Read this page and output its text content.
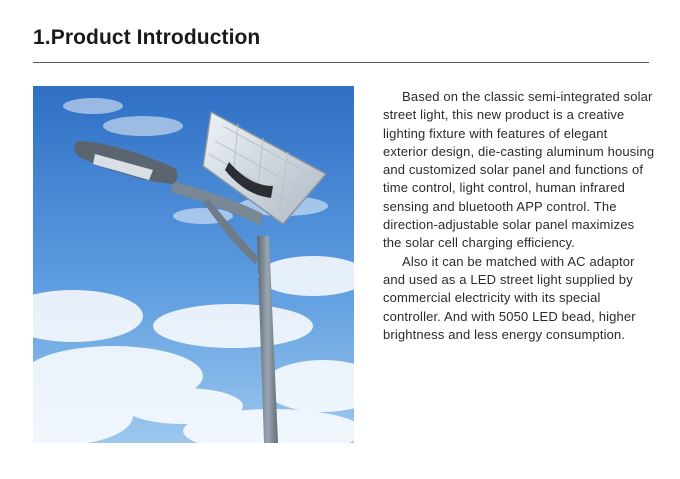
1.Product Introduction

Based on the classic semi-integrated solar street light, this new product is a creative lighting fixture with features of elegant exterior design, die-casting aluminum housing and customized solar panel and functions of time control, light control, human infrared sensing and bluetooth APP control. The direction-adjustable solar panel maximizes the solar cell charging efficiency.

Also it can be matched with AC adaptor and used as a LED street light supplied by commercial electricity with its special controller. And with 5050 LED bead, higher brightness and less energy consumption.
